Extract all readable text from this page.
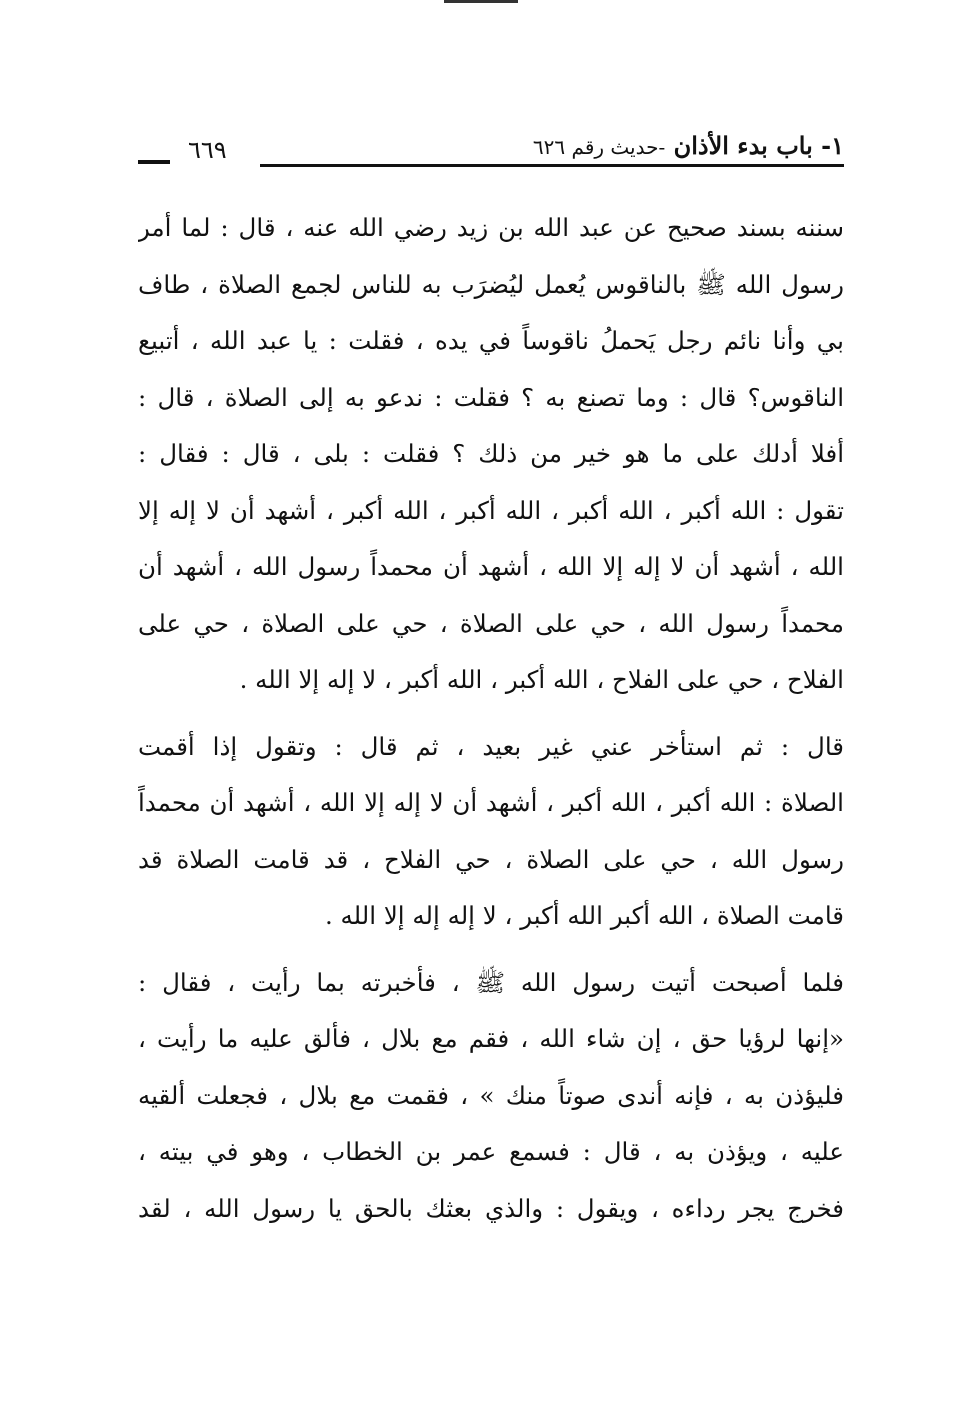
١- باب بدء الأذان -حديث رقم ٦٢٦
٦٦٩
سننه بسند صحيح عن عبد الله بن زيد رضي الله عنه ، قال : لما أمر
رسول الله ﷺ بالناقوس يُعمل ليُضرَب به للناس لجمع الصلاة ، طاف
بي وأنا نائم رجل يَحملُ ناقوساً في يده ، فقلت : يا عبد الله ، أتبيع
الناقوس؟ قال : وما تصنع به ؟ فقلت : ندعو به إلى الصلاة ، قال :
أفلا أدلك على ما هو خير من ذلك ؟ فقلت : بلى ، قال : فقال :
تقول : الله أكبر ، الله أكبر ، الله أكبر ، الله أكبر ، أشهد أن لا إله إلا
الله ، أشهد أن لا إله إلا الله ، أشهد أن محمداً رسول الله ، أشهد أن
محمداً رسول الله ، حي على الصلاة ، حي على الصلاة ، حي على
الفلاح ، حي على الفلاح ، الله أكبر ، الله أكبر ، لا إله إلا الله .
قال : ثم استأخر عني غير بعيد ، ثم قال : وتقول إذا أقمت
الصلاة : الله أكبر ، الله أكبر ، أشهد أن لا إله إلا الله ، أشهد أن محمداً
رسول الله ، حي على الصلاة ، حي الفلاح ، قد قامت الصلاة قد
قامت الصلاة ، الله أكبر الله أكبر ، لا إله إله إلا الله .
فلما أصبحت أتيت رسول الله ﷺ ، فأخبرته بما رأيت ، فقال :
«إنها لرؤيا حق ، إن شاء الله ، فقم مع بلال ، فألق عليه ما رأيت ،
فليؤذن به ، فإنه أندى صوتاً منك » ، فقمت مع بلال ، فجعلت ألقيه
عليه ، ويؤذن به ، قال : فسمع عمر بن الخطاب ، وهو في بيته ،
فخرج يجر رداءه ، ويقول : والذي بعثك بالحق يا رسول الله ، لقد
